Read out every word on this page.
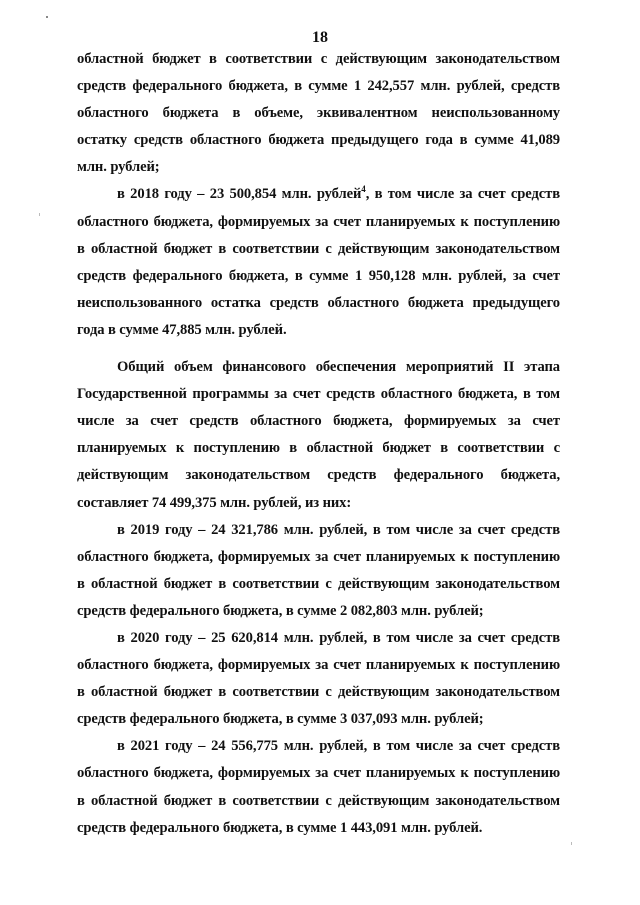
18

областной бюджет в соответствии с действующим законодательством средств федерального бюджета, в сумме 1 242,557 млн. рублей, средств областного бюджета в объеме, эквивалентном неиспользованному остатку средств областного бюджета предыдущего года в сумме 41,089 млн. рублей;

в 2018 году – 23 500,854 млн. рублей$^4$, в том числе за счет средств областного бюджета, формируемых за счет планируемых к поступлению в областной бюджет в соответствии с действующим законодательством средств федерального бюджета, в сумме 1 950,128 млн. рублей, за счет неиспользованного остатка средств областного бюджета предыдущего года в сумме 47,885 млн. рублей.

Общий объем финансового обеспечения мероприятий II этапа Государственной программы за счет средств областного бюджета, в том числе за счет средств областного бюджета, формируемых за счет планируемых к поступлению в областной бюджет в соответствии с действующим законодательством средств федерального бюджета, составляет 74 499,375 млн. рублей, из них:

в 2019 году – 24 321,786 млн. рублей, в том числе за счет средств областного бюджета, формируемых за счет планируемых к поступлению в областной бюджет в соответствии с действующим законодательством средств федерального бюджета, в сумме 2 082,803 млн. рублей;

в 2020 году – 25 620,814 млн. рублей, в том числе за счет средств областного бюджета, формируемых за счет планируемых к поступлению в областной бюджет в соответствии с действующим законодательством средств федерального бюджета, в сумме 3 037,093 млн. рублей;

в 2021 году – 24 556,775 млн. рублей, в том числе за счет средств областного бюджета, формируемых за счет планируемых к поступлению в областной бюджет в соответствии с действующим законодательством средств федерального бюджета, в сумме 1 443,091 млн. рублей.
